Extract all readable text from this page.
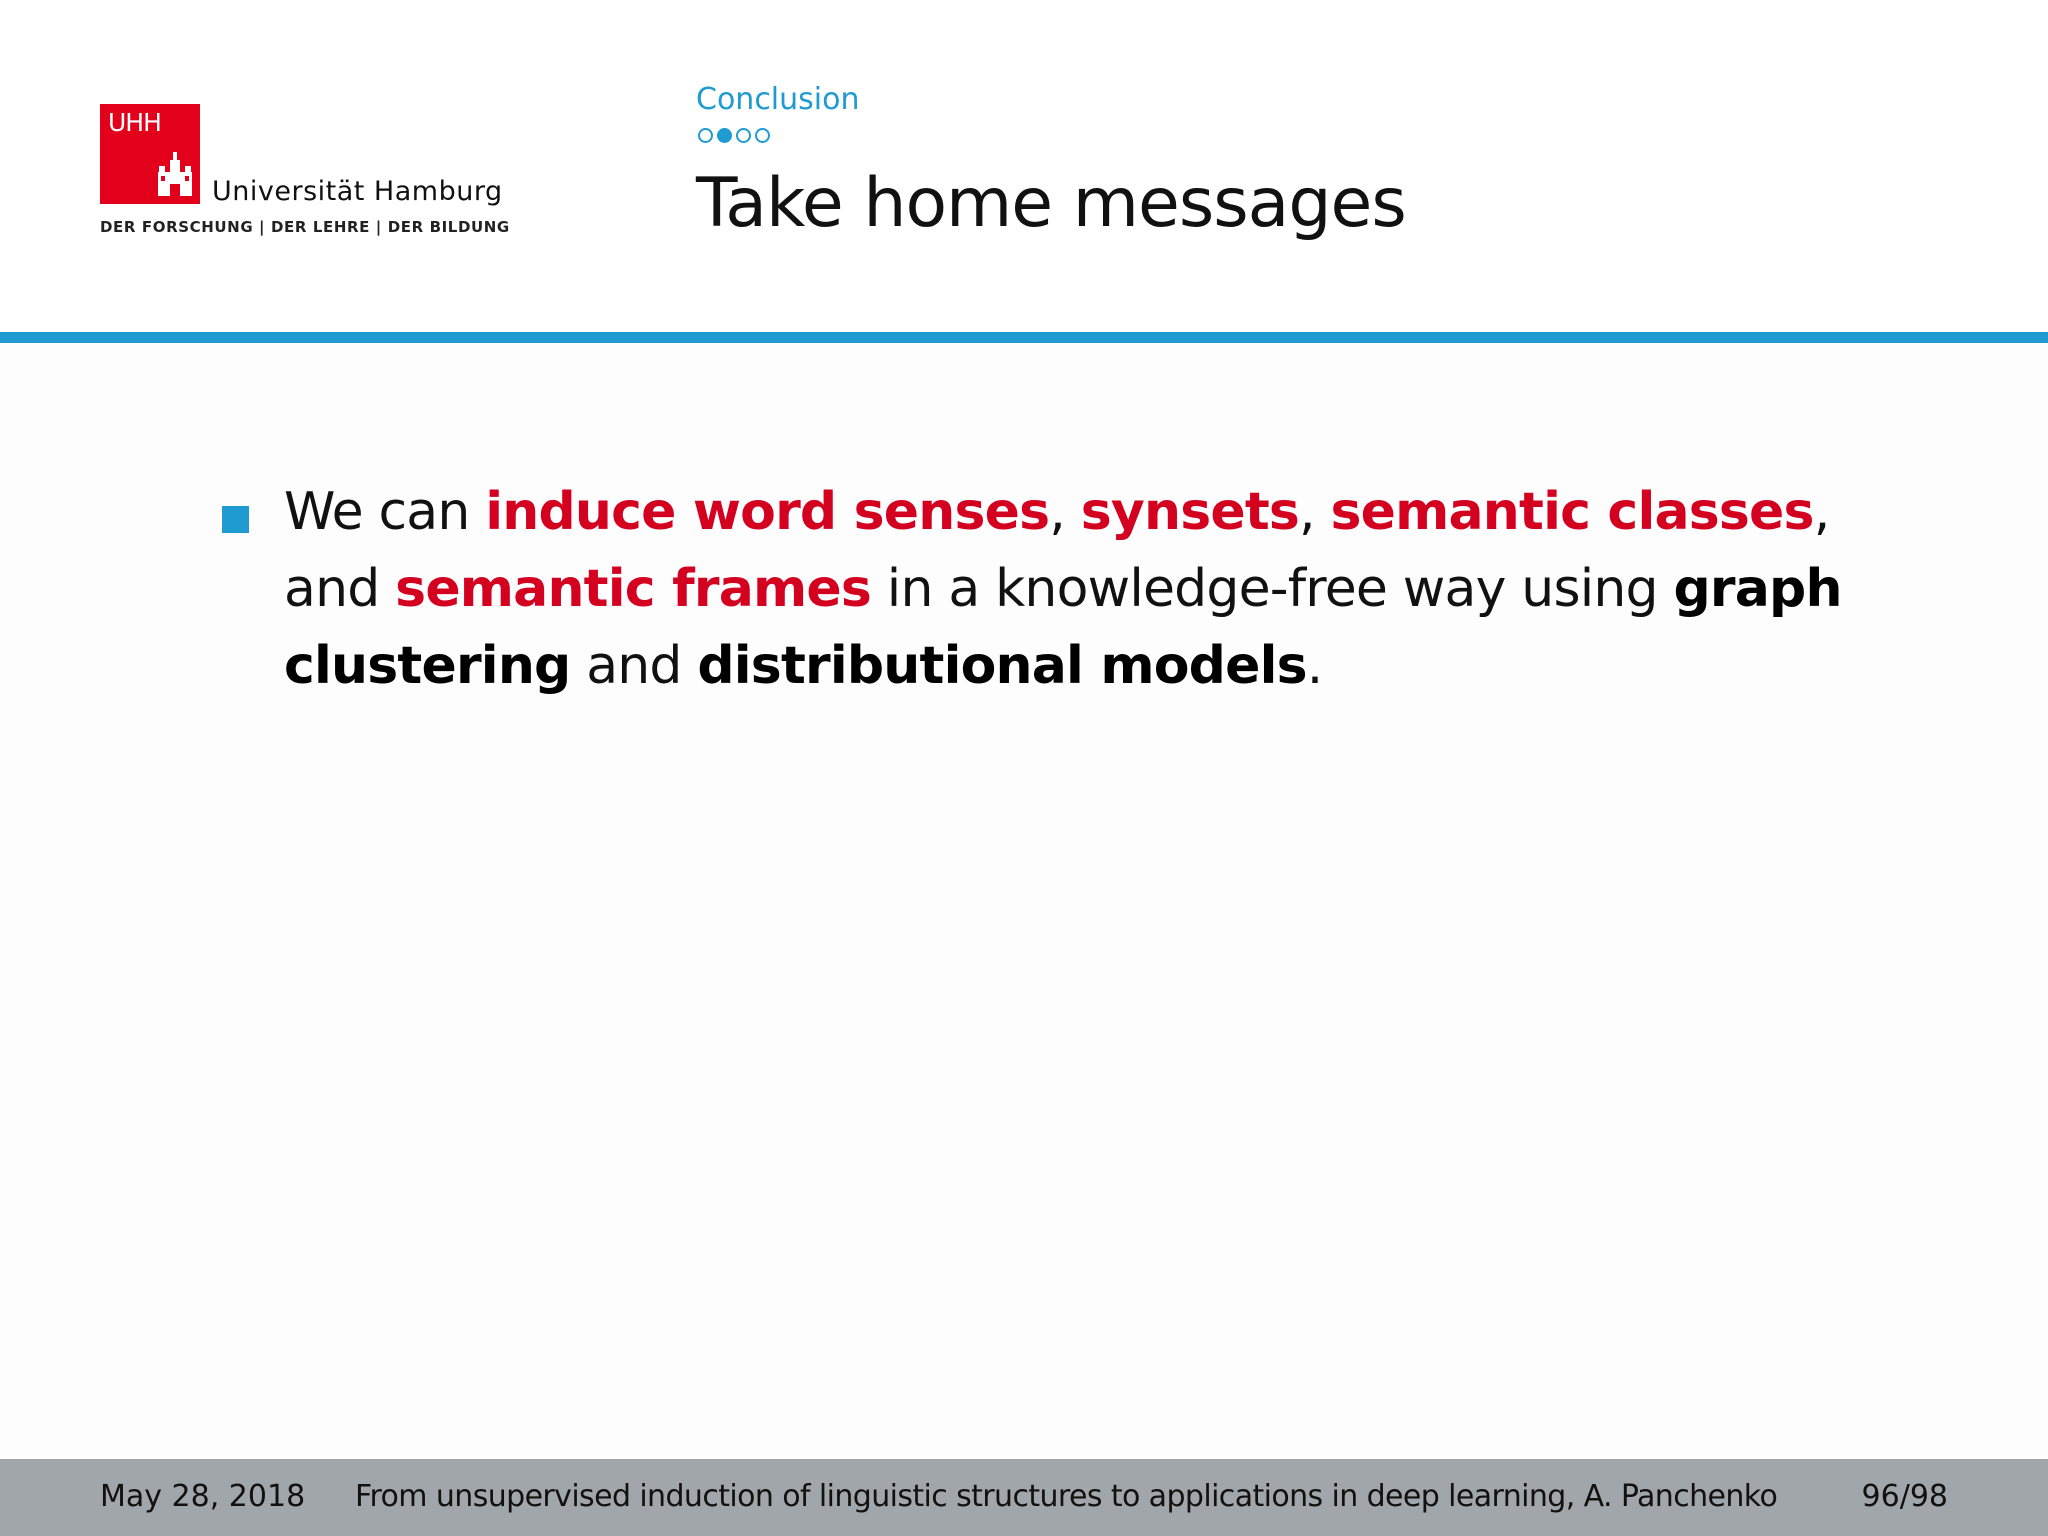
UHH
Universität Hamburg
DER FORSCHUNG | DER LEHRE | DER BILDUNG
Conclusion
Take home messages
We can induce word senses, synsets, semantic classes, and semantic frames in a knowledge-free way using graph clustering and distributional models.
May 28, 2018 From unsupervised induction of linguistic structures to applications in deep learning, A. Panchenko	96/98
